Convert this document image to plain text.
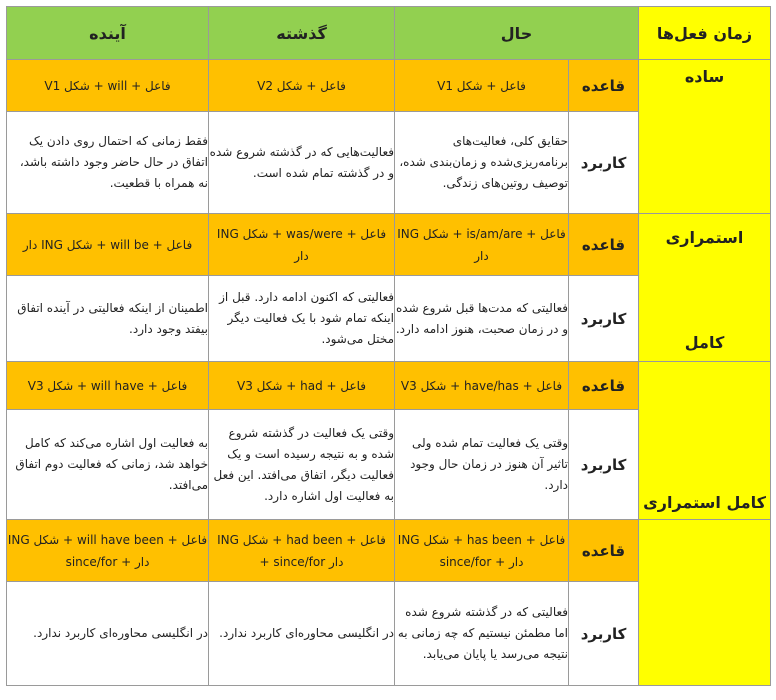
زمان فعل‌ها	حال		گذشته	آینده

ساده	قاعده	فاعل + شکل V1	فاعل + شکل V2	فاعل + will + شکل V1
	کاربرد	حقایق کلی، فعالیت‌های برنامه‌ریزی‌شده و زمان‌بندی شده، توصیف روتین‌های زندگی.	فعالیت‌هایی که در گذشته شروع شده و در گذشته تمام شده است.	فقط زمانی که احتمال روی دادن یک اتفاق در حال حاضر وجود داشته باشد، نه همراه با قطعیت.

استمراری	قاعده	فاعل + is/am/are + شکل ING دار	فاعل + was/were + شکل ING دار	فاعل + will be + شکل ING دار
	کاربرد	فعالیتی که مدت‌ها قبل شروع شده و در زمان صحبت، هنوز ادامه دارد.	فعالیتی که اکنون ادامه دارد. قبل از اینکه تمام شود با یک فعالیت دیگر مختل می‌شود.	اطمینان از اینکه فعالیتی در آینده اتفاق بیفتد وجود دارد.

کامل	قاعده	فاعل + have/has + شکل V3	فاعل + had + شکل V3	فاعل + will have + شکل V3
	کاربرد	وقتی یک فعالیت تمام شده ولی تاثیر آن هنوز در زمان حال وجود دارد.	وقتی یک فعالیت در گذشته شروع شده و به نتیجه رسیده است و یک فعالیت دیگر، اتفاق می‌افتد. این فعل به فعالیت اول اشاره دارد.	به فعالیت اول اشاره می‌کند که کامل خواهد شد، زمانی که فعالیت دوم اتفاق می‌افتد.

کامل استمراری	قاعده	فاعل + has been + شکل ING دار + since/for	فاعل + had been + شکل ING دار since/for +	فاعل + will have been + شکل ING دار + since/for
	کاربرد	فعالیتی که در گذشته شروع شده اما مطمئن نیستیم که چه زمانی به نتیجه می‌رسد یا پایان می‌یابد.	در انگلیسی محاوره‌ای کاربرد ندارد.	در انگلیسی محاوره‌ای کاربرد ندارد.
